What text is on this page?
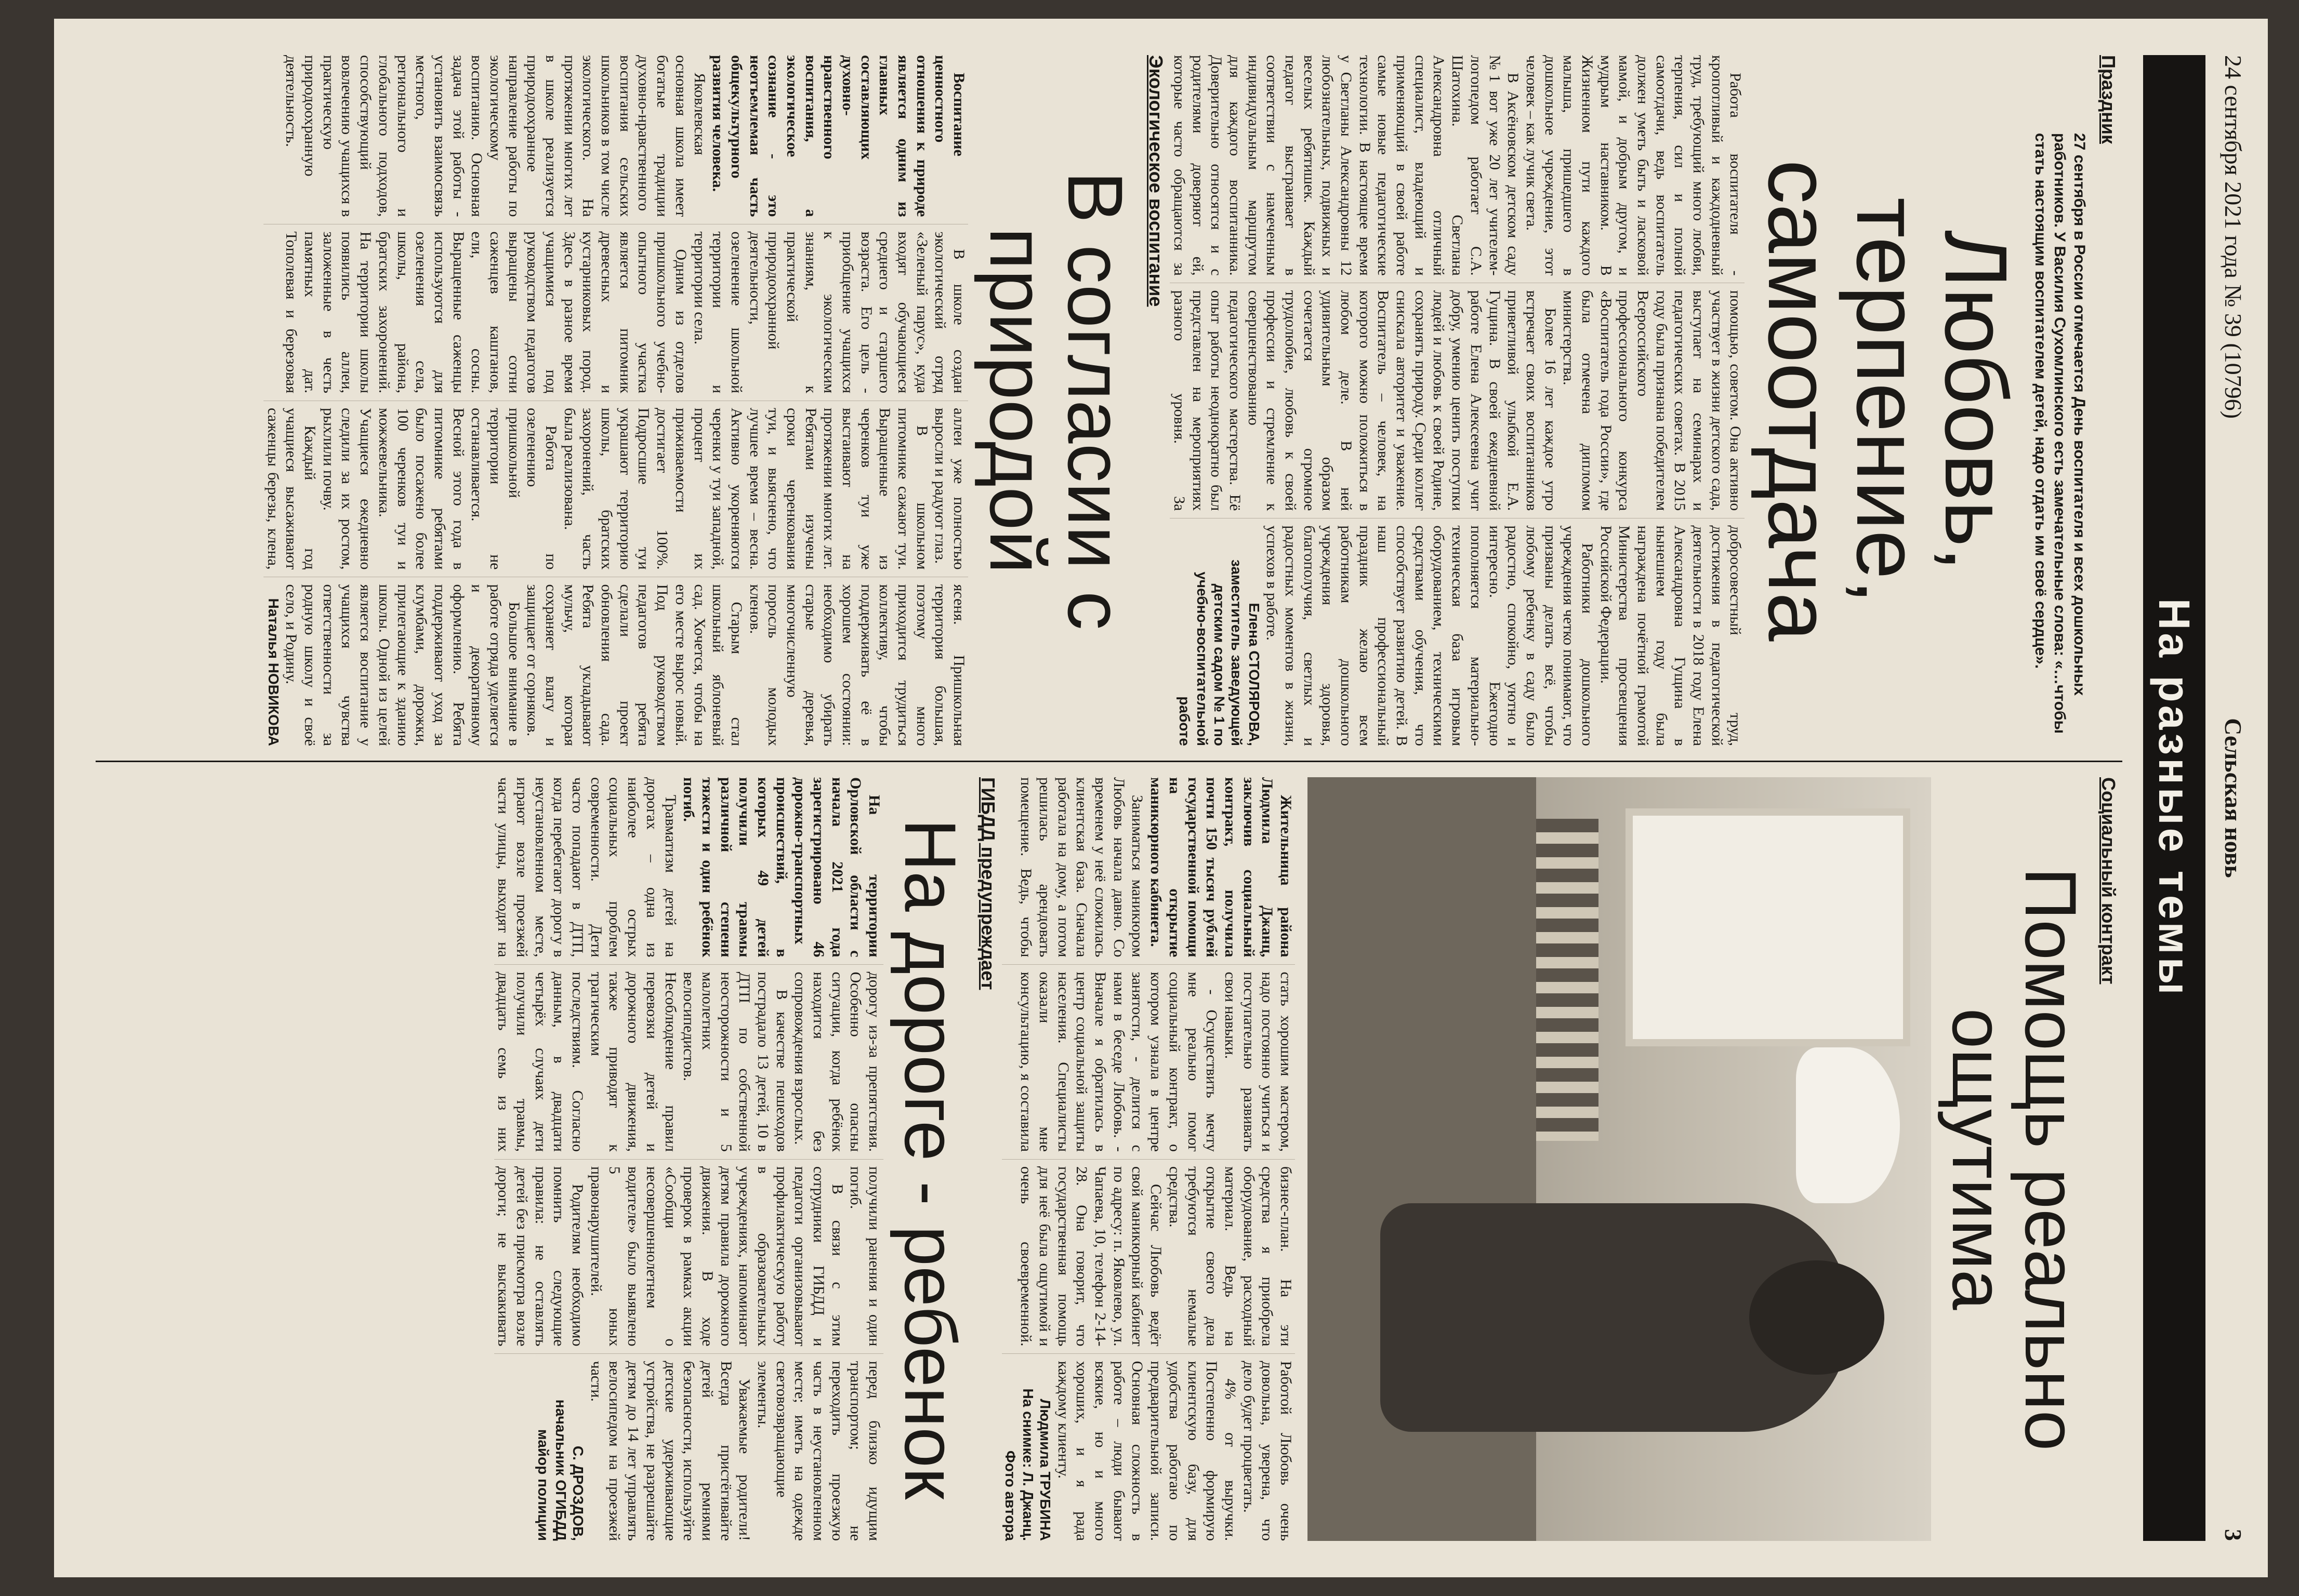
24 сентября 2021 года № 39 (10796)
Сельская новь
3
На разные темы
Праздник
27 сентября в России отмечается День воспитателя и всех дошкольных работников. У Василия Сухомлинского есть замечательные слова: «…чтобы стать настоящим воспитателем детей, надо отдать им своё сердце».
Любовь, терпение, самоотдача

Работа воспитателя - кропотливый и каждодневный труд, требующий много любви, терпения, сил и полной самоотдачи, ведь воспитатель должен уметь быть и ласковой мамой, и добрым другом, и мудрым наставником. В Жизненном пути каждого малыша, пришедшего в дошкольное учреждение, этот человек – как лучик света.

В Аксёновском детском саду №1 вот уже 20 лет учителем-логопедом работает С.А. Шатохина. Светлана Александровна отличный специалист, владеющий и применяющий в своей работе самые новые педагогические технологии. В настоящее время у Светланы Александровны 12 любознательных, подвижных и веселых ребятишек. Каждый педагог выстраивает в соответствии с намеченным индивидуальным маршрутом для каждого воспитанника. Доверительно относятся и с родителями доверяют ей, которые часто обращаются за помощью, советом. Она активно участвует в жизни детского сада, выступает на семинарах и педагогических советах. В 2015 году была признана победителем Всероссийского профессионального конкурса «Воспитатель года России», где была отмечена дипломом министерства.

Более 16 лет каждое утро встречает своих воспитанников приветливой улыбкой Е.А. Гущина. В своей ежедневной работе Елена Алексеевна учит добру, умению ценить поступки людей и любовь к своей Родине, сохранять природу. Среди коллег снискала авторитет и уважение. Воспитатель – человек, на которого можно положиться в любом деле. В ней удивительным образом сочетается огромное трудолюбие, любовь к своей профессии и стремление к совершенствованию педагогического мастерства. Её опыт работы неоднократно был представлен на мероприятиях разного уровня. За добросовестный труд, достижения в педагогической деятельности в 2018 году Елена Александровна Гущина в нынешнем году была награждена почётной грамотой Министерства просвещения Российской Федерации.

Работники дошкольного учреждения четко понимают, что призваны делать всё, чтобы любому ребенку в саду было радостно, спокойно, уютно и интересно. Ежегодно пополняется материально-техническая база игровым оборудованием, техническими средствами обучения, что способствует развитию детей. В наш профессиональный праздник желаю всем работникам дошкольного учреждения здоровья, благополучия, светлых и радостных моментов в жизни, успехов в работе.

Елена СТОЛЯРОВА,
заместитель заведующей детским садом № 1 по учебно-воспитательной работе
Экологическое воспитание
В согласии с природой

Воспитание ценностного отношения к природе является одним из главных составляющих духовно-нравственного воспитания, а экологическое сознание - это неотъемлемая часть общекультурного развития человека.

Яковлевская основная школа имеет богатые традиции духовно-нравственного воспитания сельских школьников в том числе экологического. На протяжении многих лет в школе реализуется природоохранное направление работы по экологическому воспитанию. Основная задача этой работы - установить взаимосвязь местного, регионального и глобального подходов, способствующий вовлечению учащихся в практическую природоохранную деятельность.

В школе создан экологический отряд «Зеленый парус», куда входят обучающиеся среднего и старшего возраста. Его цель - приобщение учащихся к экологическим знаниям, к практической природоохранной деятельности, озеленение школьной территории и территории села.

Одним из отделов пришкольного учебно-опытного участка является питомник древесных и кустарниковых пород. Здесь в разное время учащимися под руководством педагогов выращены сотни саженцев каштанов, ели, сосны. Выращенные саженцы используются для озеленения села, школы, района, братских захоронений. На территории школы появились аллеи, заложенные в честь памятных дат. Тополевая и березовая аллеи уже полностью выросли и радуют глаз.

В школьном питомнике сажают туи. Выращенные из черенков туи уже выстаивают на протяжении многих лет. Ребятами изучены сроки черенкования туи, и выяснено, что лучшее время – весна. Активно укореняются черенки у туи западной, процент их приживаемости достигает 100%. Подросшие туи украшают территорию школы, братских захоронений, часть была реализована.

Работа по озеленению пришкольной территории не останавливается. Весной этого года в питомнике ребятами было посажено более 100 черенков туи и можжевельника. Учащиеся ежедневно следили за их ростом, рыхлили почву.

Каждый год учащиеся высаживают саженцы березы, клена, ясеня. Пришкольная территория большая, поэтому много приходится трудиться коллективу, чтобы поддерживать её в хорошем состоянии: необходимо убирать старые деревья, многочисленную поросль молодых кленов.

Старым стал школьный яблоневый сад. Хочется, чтобы на его месте вырос новый. Под руководством педагогов ребята сделали проект обновления сада. Ребята укладывают мульчу, которая сохраняет влагу и защищает от сорняков.

Большое внимание в работе отряда уделяется и декоративному оформлению. Ребята поддерживают уход за клумбами, дорожки, прилегающие к зданию школы. Одной из целей является воспитание у учащихся чувства ответственности за родную школу и своё село, и Родину.

Наталья НОВИКОВА
Социальный контракт
Помощь реально ощутима

Жительница района Людмила Джанц, заключив социальный контракт, получила почти 150 тысяч рублей государственной помощи на открытие маникюрного кабинета.

Заниматься маникюром Любовь начала давно. Со временем у неё сложилась клиентская база. Сначала работала на дому, а потом решилась арендовать помещение. Ведь, чтобы стать хорошим мастером, надо постоянно учиться и поступательно развивать свои навыки.

- Осуществить мечту мне реально помог социальный контракт, о котором узнала в центре занятости, - делится с нами в беседе Любовь. - Вначале я обратилась в центр социальной защиты населения. Специалисты оказали мне консультацию, я составила бизнес-план. На эти средства я приобрела оборудование, расходный материал. Ведь на открытие своего дела требуются немалые средства.

Сейчас Любовь ведёт свой маникюрный кабинет по адресу: п. Яковлево, ул. Чапаева, 10, телефон 2-14-28. Она говорит, что государственная помощь для неё была ощутимой и очень своевременной. Работой Любовь очень довольна, уверена, что дело будет процветать.

4% от выручки. Постепенно формирую клиентскую базу, для удобства работаю по предварительной записи. Основная сложность в работе – люди бывают всякие, но и много хороших, и я рада каждому клиенту.

Людмила ТРУБИНА
На снимке: Л. Джанц. Фото автора
ГИБДД предупреждает
На дороге - ребенок

На территории Орловской области с начала 2021 года зарегистрировано 46 дорожно-транспортных происшествий, в которых 49 детей получили травмы различной степени тяжести и один ребёнок погиб.

Травматизм детей на дорогах – одна из наиболее острых социальных проблем современности. Дети часто попадают в ДТП, когда перебегают дорогу в неустановленном месте, играют возле проезжей части улицы, выходят на дорогу из-за препятствия. Особенно опасны ситуации, когда ребёнок находится без сопровождения взрослых.

В качестве пешеходов пострадало 13 детей, 10 в ДТП по собственной неосторожности и 5 малолетних велосипедистов. Несоблюдение правил перевозки детей и дорожного движения, также приводят к трагическим последствиям. Согласно данным, в двадцати четырёх случаях дети получили травмы, двадцать семь из них получили ранения и один погиб.

В связи с этим сотрудники ГИБДД и педагоги организовывают профилактическую работу в образовательных учреждениях, напоминают детям правила дорожного движения. В ходе проверок в рамках акции «Сообщи о несовершеннолетнем водителе» было выявлено 5 юных правонарушителей.

Родителям необходимо помнить следующие правила: не оставлять детей без присмотра возле дороги; не выскакивать перед близко идущим транспортом; не переходить проезжую часть в неустановленном месте; иметь на одежде световозвращающие элементы.

Уважаемые родители! Всегда пристёгивайте детей ремнями безопасности, используйте детские удерживающие устройства, не разрешайте детям до 14 лет управлять велосипедом на проезжей части.

С. ДРОЗДОВ,
начальник ОГИБДД майор полиции
